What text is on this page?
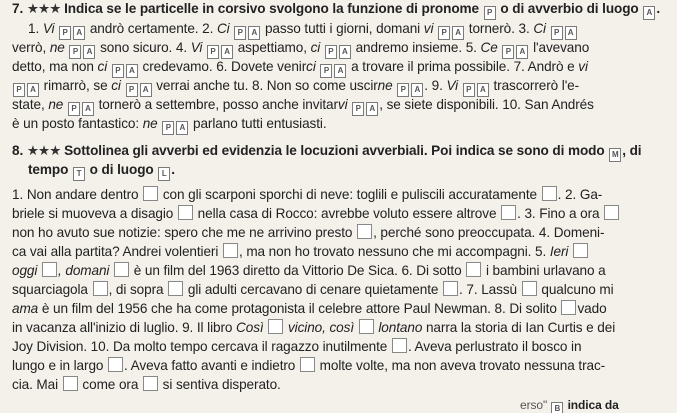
7. ★★★ Indica se le particelle in corsivo svolgono la funzione di pronome P o di avverbio di luogo A .
1. Vi P A andrò certamente. 2. Ci P A passo tutti i giorni, domani vi P A tornerò. 3. Ci P A
verrò, ne P A sono sicuro. 4. Vi P A aspettiamo, ci P A andremo insieme. 5. Ce P A l'avevano
detto, ma non ci P A credevamo. 6. Dovete venirci P A a trovare il prima possibile. 7. Andrò e vi
P A rimarrò, se ci P A verrai anche tu. 8. Non so come uscirne P A . 9. Vi P A trascorrerò l'e-
state, ne P A tornerò a settembre, posso anche invitarvi P A , se siete disponibili. 10. San Andrés
è un posto fantastico: ne P A parlano tutti entusiasti.
8. ★★★ Sottolinea gli avverbi ed evidenzia le locuzioni avverbiali. Poi indica se sono di modo M , di
tempo T o di luogo L .
1. Non andare dentro con gli scarponi sporchi di neve: toglili e puliscili accuratamente . 2. Ga-
briele si muoveva a disagio nella casa di Rocco: avrebbe voluto essere altrove . 3. Fino a ora
non ho avuto sue notizie: spero che me ne arrivino presto , perché sono preoccupata. 4. Domeni-
ca vai alla partita? Andrei volentieri , ma non ho trovato nessuno che mi accompagni. 5. Ieri
oggi , domani è un film del 1963 diretto da Vittorio De Sica. 6. Di sotto i bambini urlavano a
squarciagola , di sopra gli adulti cercavano di cenare quietamente . 7. Lassù qualcuno mi
ama è un film del 1956 che ha come protagonista il celebre attore Paul Newman. 8. Di solito vado
in vacanza all'inizio di luglio. 9. Il libro Così vicino, così lontano narra la storia di Ian Curtis e dei
Joy Division. 10. Da molto tempo cercava il ragazzo inutilmente . Aveva perlustrato il bosco in
lungo e in largo . Aveva fatto avanti e indietro molte volte, ma non aveva trovato nessuna trac-
cia. Mai come ora si sentiva disperato.
erso" B indica da
